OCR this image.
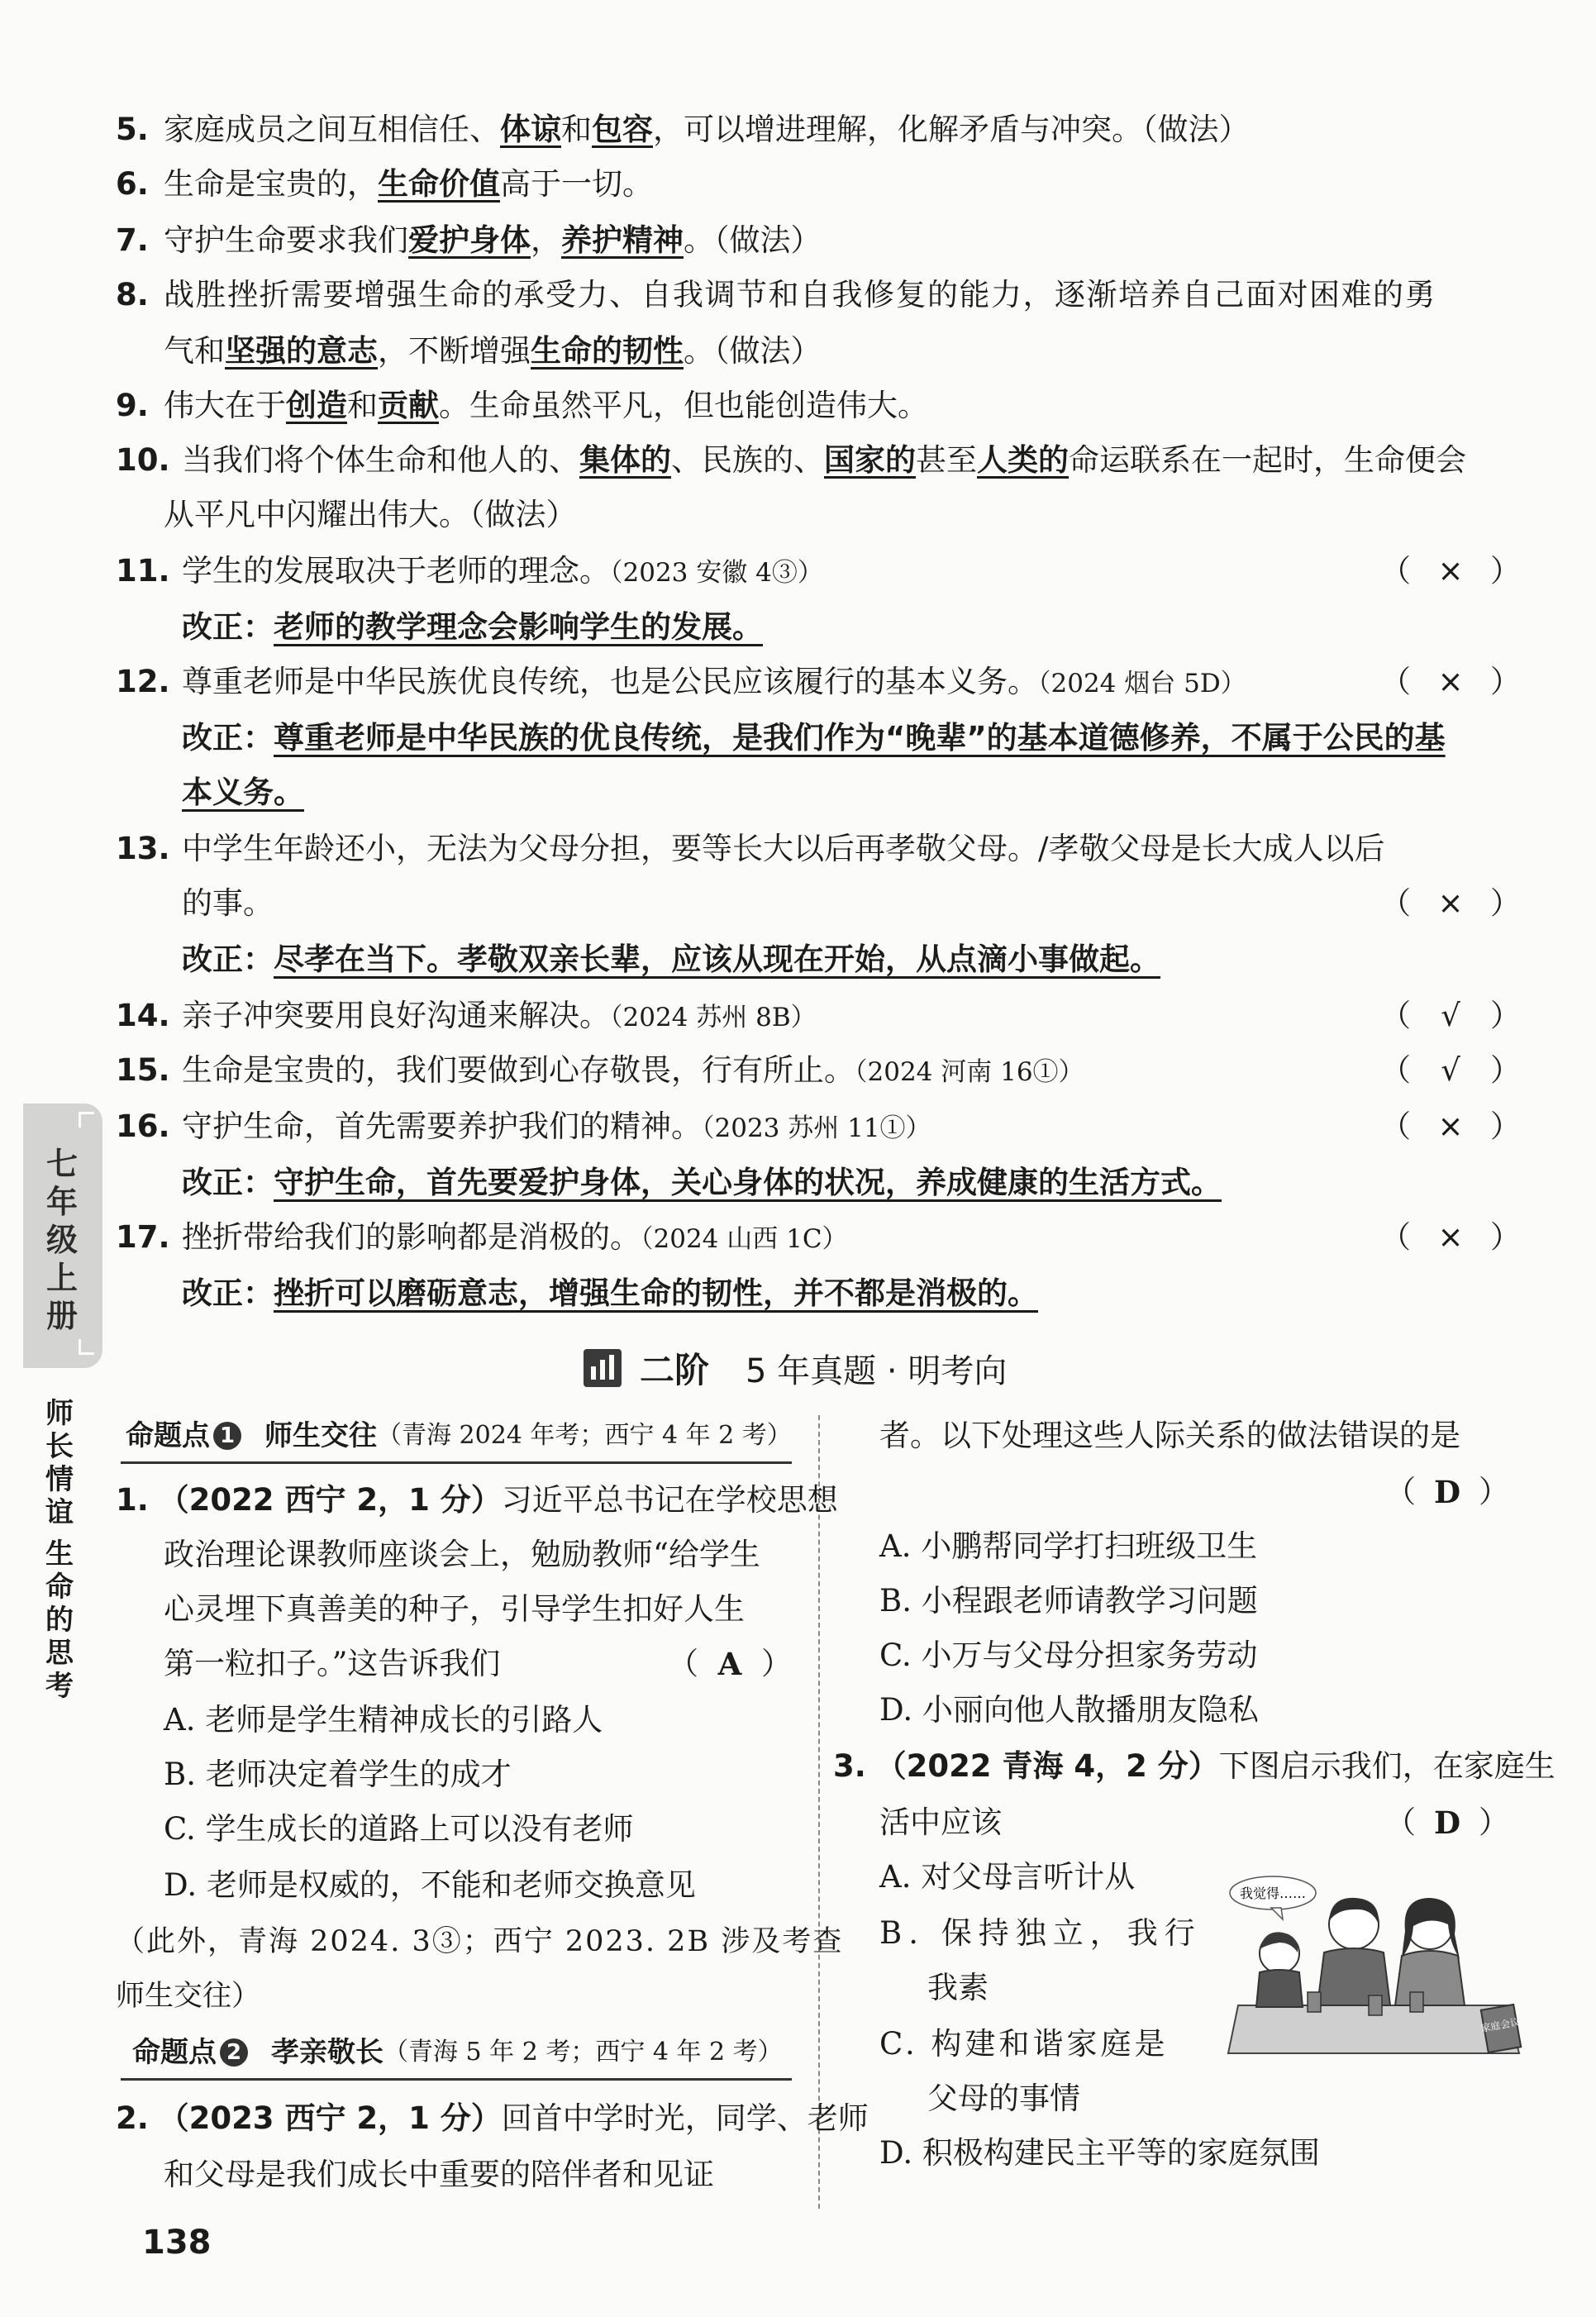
5. 家庭成员之间互相信任、体谅和包容，可以增进理解，化解矛盾与冲突。（做法）
6. 生命是宝贵的，生命价值高于一切。
7. 守护生命要求我们爱护身体，养护精神。（做法）
8. 战胜挫折需要增强生命的承受力、自我调节和自我修复的能力，逐渐培养自己面对困难的勇
气和坚强的意志，不断增强生命的韧性。（做法）
9. 伟大在于创造和贡献。生命虽然平凡，但也能创造伟大。
10. 当我们将个体生命和他人的、集体的、民族的、国家的甚至人类的命运联系在一起时，生命便会
从平凡中闪耀出伟大。（做法）
11. 学生的发展取决于老师的理念。（2023 安徽 4③）	（ × ）
改正：老师的教学理念会影响学生的发展。
12. 尊重老师是中华民族优良传统，也是公民应该履行的基本义务。（2024 烟台 5D）	（ × ）
改正：尊重老师是中华民族的优良传统，是我们作为“晚辈”的基本道德修养，不属于公民的基
本义务。
13. 中学生年龄还小，无法为父母分担，要等长大以后再孝敬父母。/孝敬父母是长大成人以后
的事。	（ × ）
改正：尽孝在当下。孝敬双亲长辈，应该从现在开始，从点滴小事做起。
14. 亲子冲突要用良好沟通来解决。（2024 苏州 8B）	（ √ ）
15. 生命是宝贵的，我们要做到心存敬畏，行有所止。（2024 河南 16①）	（ √ ）
16. 守护生命，首先需要养护我们的精神。（2023 苏州 11①）	（ × ）
改正：守护生命，首先要爱护身体，关心身体的状况，养成健康的生活方式。
17. 挫折带给我们的影响都是消极的。（2024 山西 1C）	（ × ）
改正：挫折可以磨砺意志，增强生命的韧性，并不都是消极的。
七年级上册
师长情谊
生命的思考
二阶 5 年真题 · 明考向
命题点 1 师生交往 （青海 2024 年考；西宁 4 年 2 考）
1. （2022 西宁 2，1 分）习近平总书记在学校思想
政治理论课教师座谈会上，勉励教师“给学生
心灵埋下真善美的种子，引导学生扣好人生
第一粒扣子。”这告诉我们	（ A ）
A. 老师是学生精神成长的引路人
B. 老师决定着学生的成才
C. 学生成长的道路上可以没有老师
D. 老师是权威的，不能和老师交换意见
（此外，青海 2024. 3③；西宁 2023. 2B 涉及考查
师生交往）
命题点 2 孝亲敬长 （青海 5 年 2 考；西宁 4 年 2 考）
2. （2023 西宁 2，1 分）回首中学时光，同学、老师
和父母是我们成长中重要的陪伴者和见证
者。以下处理这些人际关系的做法错误的是
（ D ）
A. 小鹏帮同学打扫班级卫生
B. 小程跟老师请教学习问题
C. 小万与父母分担家务劳动
D. 小丽向他人散播朋友隐私
3. （2022 青海 4，2 分）下图启示我们，在家庭生
活中应该	（ D ）
A. 对父母言听计从
B. 保持独立，我行
我素
C. 构建和谐家庭是
父母的事情
D. 积极构建民主平等的家庭氛围
我觉得……
家庭会议
138
